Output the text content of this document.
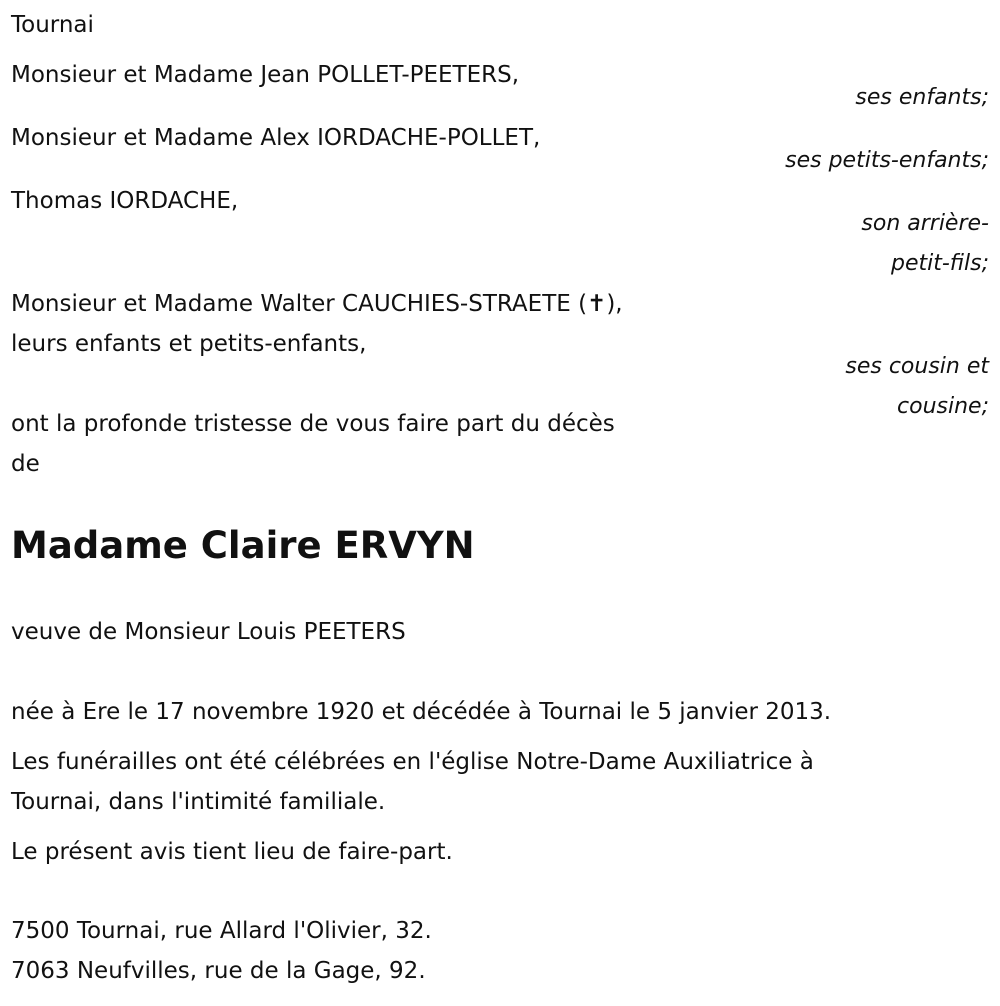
Tournai
Monsieur et Madame Jean POLLET-PEETERS,
ses enfants;
Monsieur et Madame Alex IORDACHE-POLLET,
ses petits-enfants;
Thomas IORDACHE,
son arrière-
petit-fils;
Monsieur et Madame Walter CAUCHIES-STRAETE (✝),
leurs enfants et petits-enfants,
ses cousin et
cousine;
ont la profonde tristesse de vous faire part du décès
de
Madame Claire ERVYN
veuve de Monsieur Louis PEETERS
née à Ere le 17 novembre 1920 et décédée à Tournai le 5 janvier 2013.
Les funérailles ont été célébrées en l'église Notre-Dame Auxiliatrice à
Tournai, dans l'intimité familiale.
Le présent avis tient lieu de faire-part.
7500 Tournai, rue Allard l'Olivier, 32.
7063 Neufvilles, rue de la Gage, 92.
